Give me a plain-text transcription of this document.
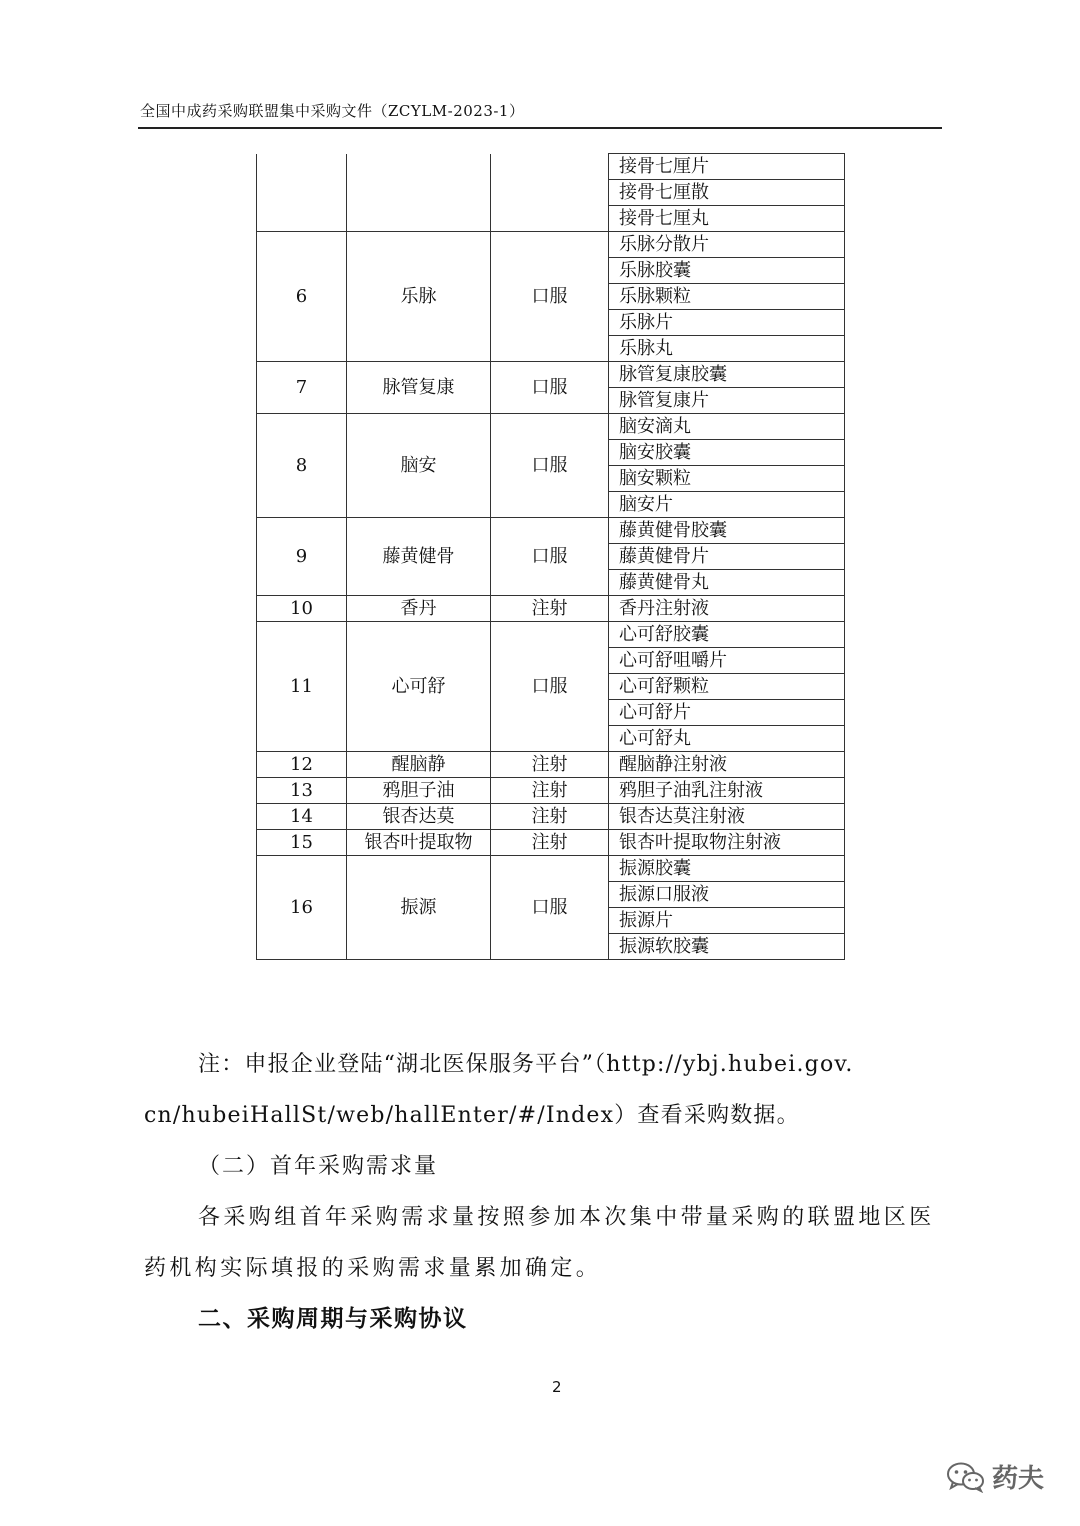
全国中成药采购联盟集中采购文件（ZCYLM-2023-1）
			接骨七厘片
			接骨七厘散
			接骨七厘丸
6	乐脉	口服	乐脉分散片
			乐脉胶囊
			乐脉颗粒
			乐脉片
			乐脉丸
7	脉管复康	口服	脉管复康胶囊
			脉管复康片
8	脑安	口服	脑安滴丸
			脑安胶囊
			脑安颗粒
			脑安片
9	藤黄健骨	口服	藤黄健骨胶囊
			藤黄健骨片
			藤黄健骨丸
10	香丹	注射	香丹注射液
11	心可舒	口服	心可舒胶囊
			心可舒咀嚼片
			心可舒颗粒
			心可舒片
			心可舒丸
12	醒脑静	注射	醒脑静注射液
13	鸦胆子油	注射	鸦胆子油乳注射液
14	银杏达莫	注射	银杏达莫注射液
15	银杏叶提取物	注射	银杏叶提取物注射液
16	振源	口服	振源胶囊
			振源口服液
			振源片
			振源软胶囊
注：申报企业登陆“湖北医保服务平台”（http://ybj.hubei.gov.
cn/hubeiHallSt/web/hallEnter/#/Index）查看采购数据。
（二）首年采购需求量
各采购组首年采购需求量按照参加本次集中带量采购的联盟地区医
药机构实际填报的采购需求量累加确定。
二、采购周期与采购协议
2
药夫
